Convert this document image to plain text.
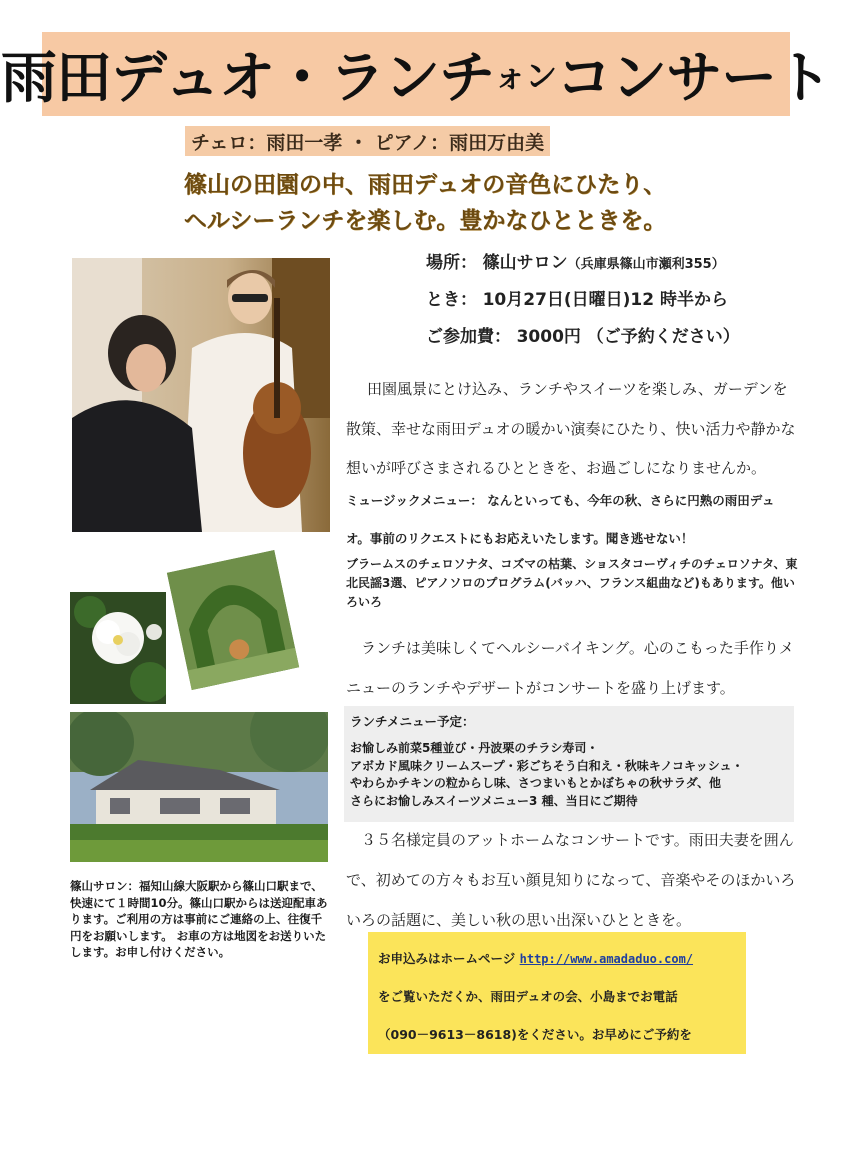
雨田デュオ・ランチ ォン コンサート
チェロ：雨田一孝 ・ ピアノ：雨田万由美
篠山の田園の中、雨田デュオの音色にひたり、
ヘルシーランチを楽しむ。豊かなひとときを。
場所： 篠山サロン（兵庫県篠山市瀬利355）
とき： 10月27日(日曜日)12 時半から
ご参加費： 3000円 （ご予約ください）
田園風景にとけ込み、ランチやスイーツを楽しみ、ガーデンを散策、幸せな雨田デュオの暖かい演奏にひたり、快い活力や静かな想いが呼びさまされるひとときを、お過ごしになりませんか。
ミュージックメニュー： なんといっても、今年の秋、さらに円熟の雨田デュオ。事前のリクエストにもお応えいたします。聞き逃せない！
ブラームスのチェロソナタ、コズマの枯葉、ショスタコーヴィチのチェロソナタ、東北民謡3選、ピアノソロのプログラム(バッハ、フランス組曲など)もあります。他いろいろ
ランチは美味しくてヘルシーバイキング。心のこもった手作りメニューのランチやデザートがコンサートを盛り上げます。
ランチメニュー予定：
お愉しみ前菜5種並び・丹波栗のチラシ寿司・
アボカド風味クリームスープ・彩ごちそう白和え・秋味キノコキッシュ・
やわらかチキンの粒からし味、さつまいもとかぼちゃの秋サラダ、他
さらにお愉しみスイーツメニュー3 種、当日にご期待
３５名様定員のアットホームなコンサートです。雨田夫妻を囲んで、初めての方々もお互い顔見知りになって、音楽やそのほかいろいろの話題に、美しい秋の思い出深いひとときを。
篠山サロン：福知山線大阪駅から篠山口駅まで、快速にて１時間10分。篠山口駅からは送迎配車あります。ご利用の方は事前にご連絡の上、往復千円をお願いします。 お車の方は地図をお送りいたします。お申し付けください。	お申込みはホームページ http://www.amadaduo.com/
をご覧いただくか、雨田デュオの会、小島までお電話
（090－9613－8618)をください。お早めにご予約を
